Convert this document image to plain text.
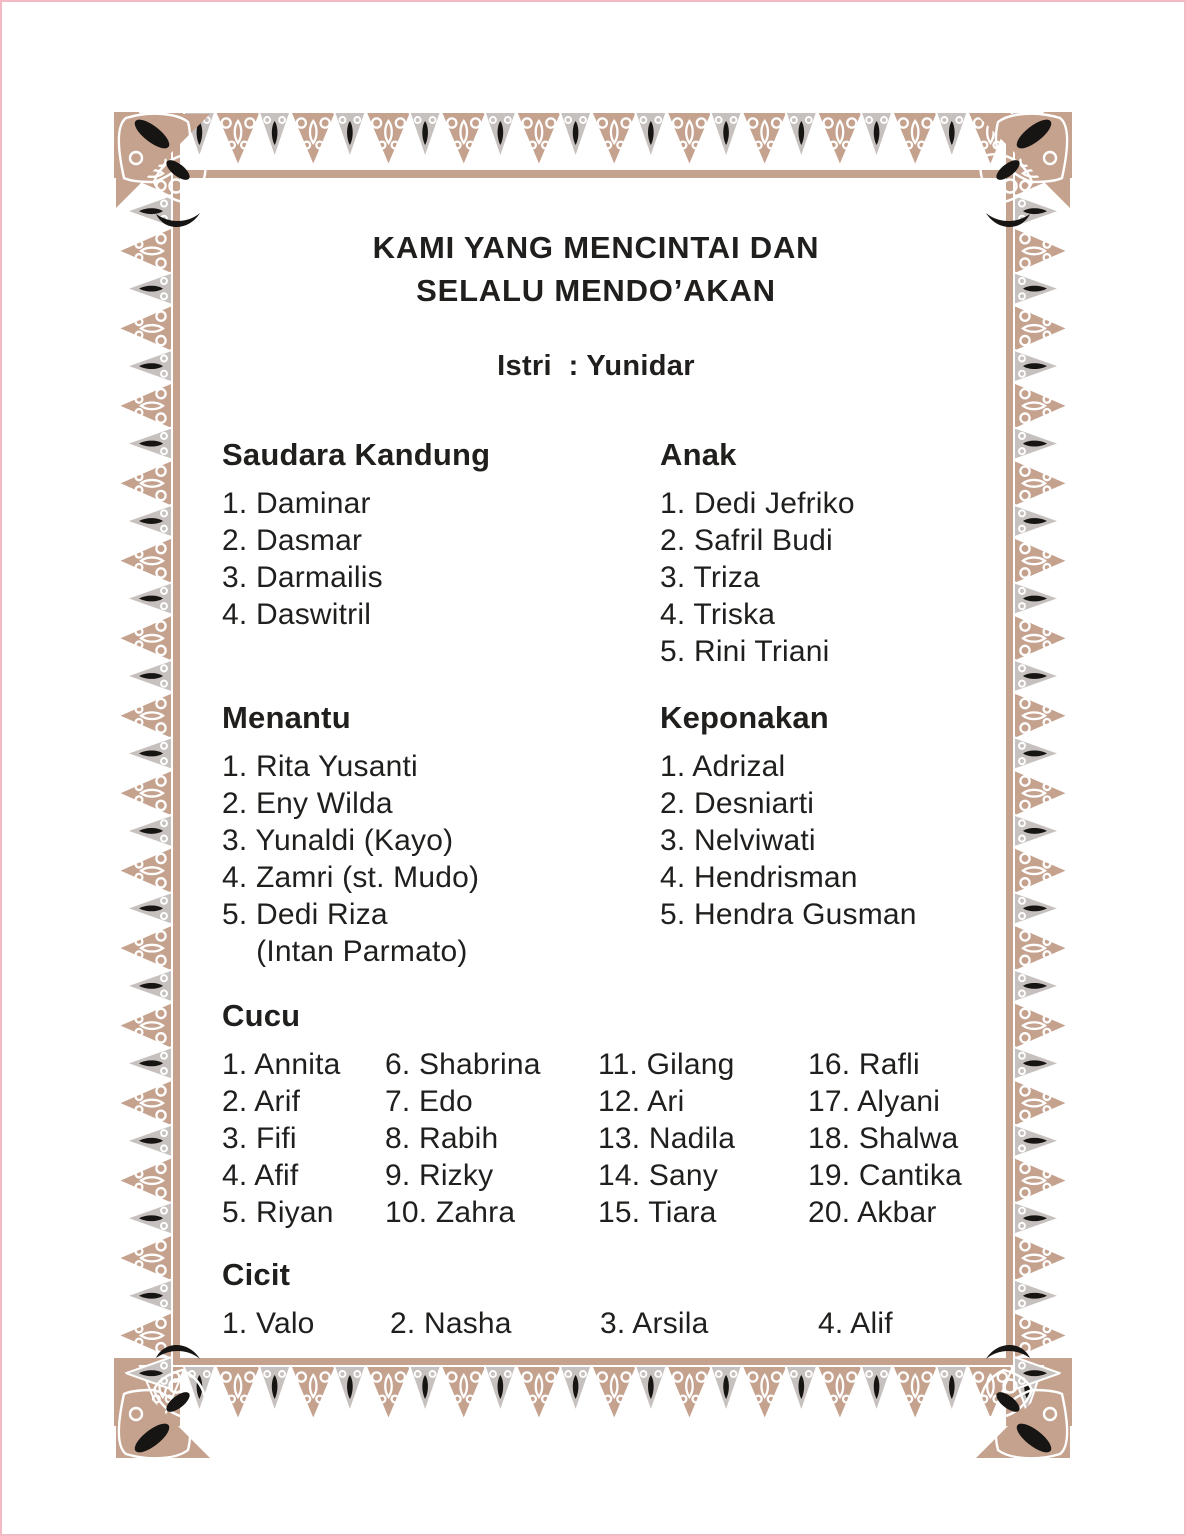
KAMI YANG MENCINTAI DAN
SELALU MENDO’AKAN
Istri  : Yunidar
Saudara Kandung
1. Daminar
2. Dasmar
3. Darmailis
4. Daswitril
Anak
1. Dedi Jefriko
2. Safril Budi
3. Triza
4. Triska
5. Rini Triani
Menantu
1. Rita Yusanti
2. Eny Wilda
3. Yunaldi (Kayo)
4. Zamri (st. Mudo)
5. Dedi Riza
(Intan Parmato)
Keponakan
1. Adrizal
2. Desniarti
3. Nelviwati
4. Hendrisman
5. Hendra Gusman
Cucu
1. Annita
2. Arif
3. Fifi
4. Afif
5. Riyan
6. Shabrina
7. Edo
8. Rabih
9. Rizky
10. Zahra
11. Gilang
12. Ari
13. Nadila
14. Sany
15. Tiara
16. Rafli
17. Alyani
18. Shalwa
19. Cantika
20. Akbar
Cicit
1. Valo	2. Nasha	3. Arsila	4. Alif
